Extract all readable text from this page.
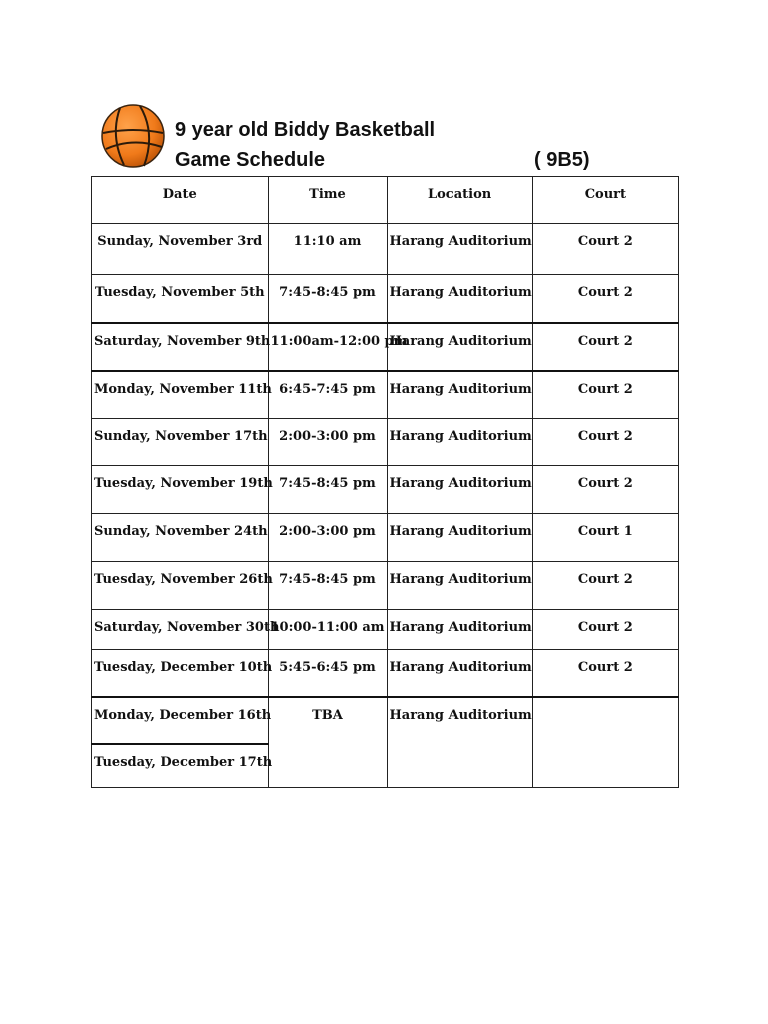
9 year old Biddy Basketball
Game Schedule	( 9B5)
Date	Time	Location	Court
Sunday, November 3rd	11:10 am	Harang Auditorium	Court 2
Tuesday, November 5th	7:45-8:45 pm	Harang Auditorium	Court 2
Saturday, November 9th	11:00am-12:00 pm	Harang Auditorium	Court 2
Monday, November 11th	6:45-7:45 pm	Harang Auditorium	Court 2
Sunday, November 17th	2:00-3:00 pm	Harang Auditorium	Court 2
Tuesday, November 19th	7:45-8:45 pm	Harang Auditorium	Court 2
Sunday, November 24th	2:00-3:00 pm	Harang Auditorium	Court 1
Tuesday, November 26th	7:45-8:45 pm	Harang Auditorium	Court 2
Saturday, November 30th	10:00-11:00 am	Harang Auditorium	Court 2
Tuesday, December 10th	5:45-6:45 pm	Harang Auditorium	Court 2
Monday, December 16th	TBA	Harang Auditorium	
Tuesday, December 17th			
